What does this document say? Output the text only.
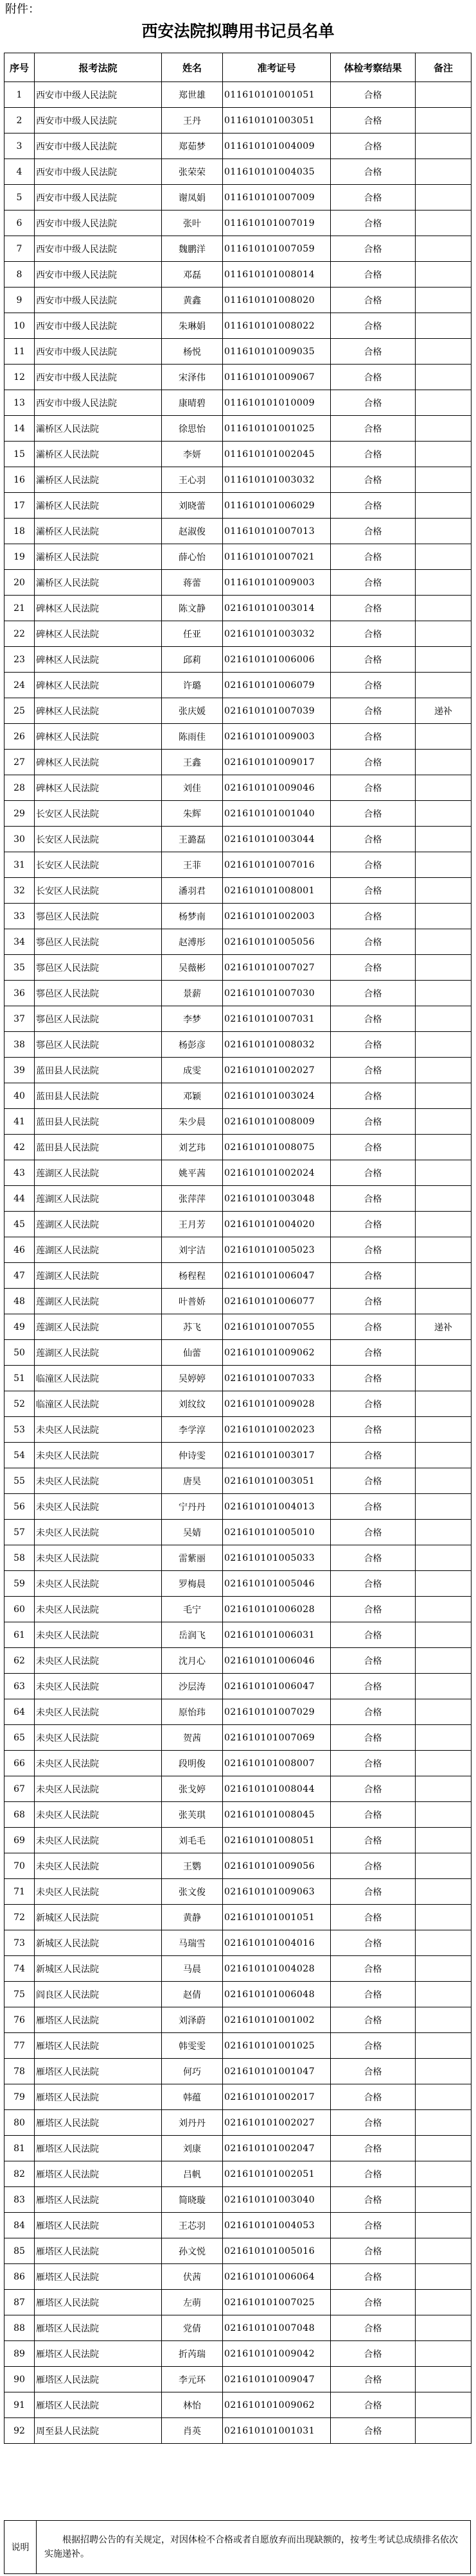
附件：
西安法院拟聘用书记员名单
序号	报考法院	姓名	准考证号	体检考察结果	备注
1	西安市中级人民法院	郑世雄	011610101001051	合格	
2	西安市中级人民法院	王丹	011610101003051	合格	
3	西安市中级人民法院	郑茹梦	011610101004009	合格	
4	西安市中级人民法院	张荣荣	011610101004035	合格	
5	西安市中级人民法院	谢凤娟	011610101007009	合格	
6	西安市中级人民法院	张叶	011610101007019	合格	
7	西安市中级人民法院	魏鹏洋	011610101007059	合格	
8	西安市中级人民法院	邓磊	011610101008014	合格	
9	西安市中级人民法院	黄鑫	011610101008020	合格	
10	西安市中级人民法院	朱琳娟	011610101008022	合格	
11	西安市中级人民法院	杨悦	011610101009035	合格	
12	西安市中级人民法院	宋泽伟	011610101009067	合格	
13	西安市中级人民法院	康晴碧	011610101010009	合格	
14	灞桥区人民法院	徐思怡	011610101001025	合格	
15	灞桥区人民法院	李妍	011610101002045	合格	
16	灞桥区人民法院	王心羽	011610101003032	合格	
17	灞桥区人民法院	刘晓蕾	011610101006029	合格	
18	灞桥区人民法院	赵淑俊	011610101007013	合格	
19	灞桥区人民法院	薛心怡	011610101007021	合格	
20	灞桥区人民法院	蒋蕾	011610101009003	合格	
21	碑林区人民法院	陈文静	021610101003014	合格	
22	碑林区人民法院	任亚	021610101003032	合格	
23	碑林区人民法院	邱莉	021610101006006	合格	
24	碑林区人民法院	许璐	021610101006079	合格	
25	碑林区人民法院	张庆媛	021610101007039	合格	递补
26	碑林区人民法院	陈雨佳	021610101009003	合格	
27	碑林区人民法院	王鑫	021610101009017	合格	
28	碑林区人民法院	刘佳	021610101009046	合格	
29	长安区人民法院	朱辉	021610101001040	合格	
30	长安区人民法院	王潞磊	021610101003044	合格	
31	长安区人民法院	王菲	021610101007016	合格	
32	长安区人民法院	潘羽君	021610101008001	合格	
33	鄠邑区人民法院	杨梦南	021610101002003	合格	
34	鄠邑区人民法院	赵溥彤	021610101005056	合格	
35	鄠邑区人民法院	吴薇彬	021610101007027	合格	
36	鄠邑区人民法院	景薪	021610101007030	合格	
37	鄠邑区人民法院	李梦	021610101007031	合格	
38	鄠邑区人民法院	杨彭彦	021610101008032	合格	
39	蓝田县人民法院	成雯	021610101002027	合格	
40	蓝田县人民法院	邓颖	021610101003024	合格	
41	蓝田县人民法院	朱少晨	021610101008009	合格	
42	蓝田县人民法院	刘艺玮	021610101008075	合格	
43	莲湖区人民法院	姚平茜	021610101002024	合格	
44	莲湖区人民法院	张萍萍	021610101003048	合格	
45	莲湖区人民法院	王月芳	021610101004020	合格	
46	莲湖区人民法院	刘宇洁	021610101005023	合格	
47	莲湖区人民法院	杨程程	021610101006047	合格	
48	莲湖区人民法院	叶普娇	021610101006077	合格	
49	莲湖区人民法院	苏飞	021610101007055	合格	递补
50	莲湖区人民法院	仙蕾	021610101009062	合格	
51	临潼区人民法院	吴婷婷	021610101007033	合格	
52	临潼区人民法院	刘纹纹	021610101009028	合格	
53	未央区人民法院	李学淳	021610101002023	合格	
54	未央区人民法院	仲诗雯	021610101003017	合格	
55	未央区人民法院	唐昊	021610101003051	合格	
56	未央区人民法院	宁丹丹	021610101004013	合格	
57	未央区人民法院	吴婧	021610101005010	合格	
58	未央区人民法院	雷紫丽	021610101005033	合格	
59	未央区人民法院	罗梅晨	021610101005046	合格	
60	未央区人民法院	毛宁	021610101006028	合格	
61	未央区人民法院	岳润飞	021610101006031	合格	
62	未央区人民法院	沈月心	021610101006046	合格	
63	未央区人民法院	沙层涛	021610101006047	合格	
64	未央区人民法院	原怡玮	021610101007029	合格	
65	未央区人民法院	贺茜	021610101007069	合格	
66	未央区人民法院	段明俊	021610101008007	合格	
67	未央区人民法院	张戈婷	021610101008044	合格	
68	未央区人民法院	张芙琪	021610101008045	合格	
69	未央区人民法院	刘毛毛	021610101008051	合格	
70	未央区人民法院	王鹦	021610101009056	合格	
71	未央区人民法院	张文俊	021610101009063	合格	
72	新城区人民法院	黄静	021610101001051	合格	
73	新城区人民法院	马瑞雪	021610101004016	合格	
74	新城区人民法院	马晨	021610101004028	合格	
75	阎良区人民法院	赵倩	021610101006048	合格	
76	雁塔区人民法院	刘泽蔚	021610101001002	合格	
77	雁塔区人民法院	韩雯雯	021610101001025	合格	
78	雁塔区人民法院	何巧	021610101001047	合格	
79	雁塔区人民法院	韩蕴	021610101002017	合格	
80	雁塔区人民法院	刘丹丹	021610101002027	合格	
81	雁塔区人民法院	刘康	021610101002047	合格	
82	雁塔区人民法院	吕帆	021610101002051	合格	
83	雁塔区人民法院	简晓璇	021610101003040	合格	
84	雁塔区人民法院	王芯羽	021610101004053	合格	
85	雁塔区人民法院	孙文悦	021610101005016	合格	
86	雁塔区人民法院	伏茜	021610101006064	合格	
87	雁塔区人民法院	左萌	021610101007025	合格	
88	雁塔区人民法院	党倩	021610101007048	合格	
89	雁塔区人民法院	折芮瑞	021610101009042	合格	
90	雁塔区人民法院	李元环	021610101009047	合格	
91	雁塔区人民法院	林怡	021610101009062	合格	
92	周至县人民法院	肖英	021610101001031	合格	
说明	根据招聘公告的有关规定，对因体检不合格或者自愿放弃而出现缺额的，按考生考试总成绩排名依次实施递补。
